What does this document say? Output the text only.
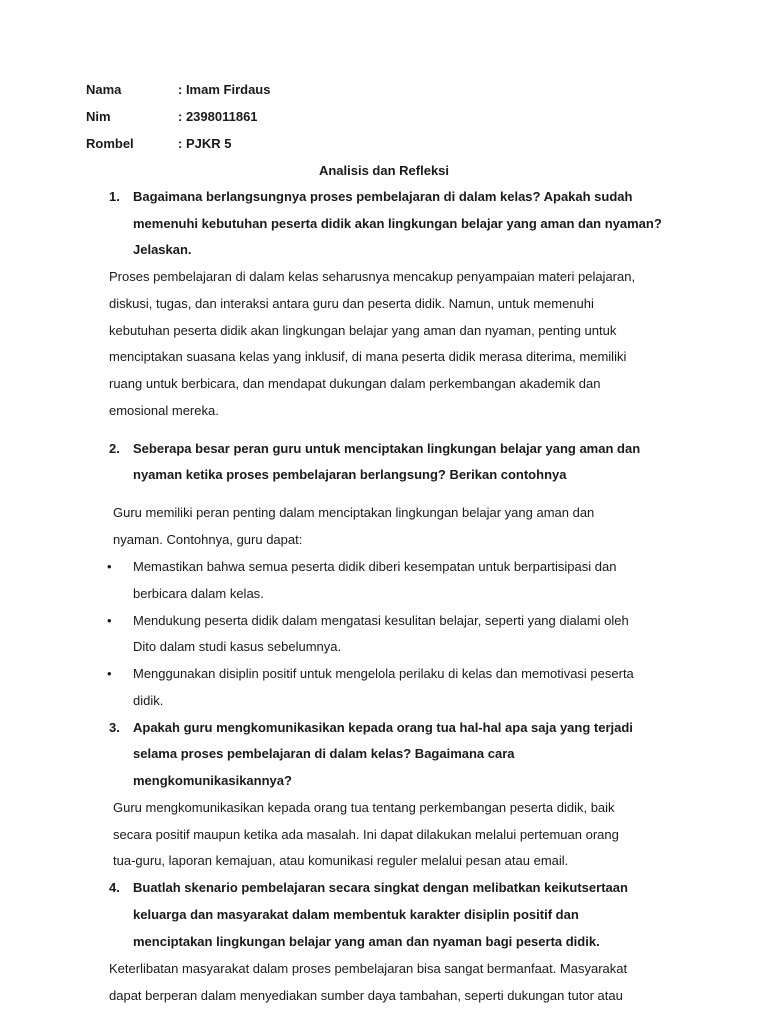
Nama	: Imam Firdaus
Nim	: 2398011861
Rombel	: PJKR 5
Analisis dan Refleksi
1. Bagaimana berlangsungnya proses pembelajaran di dalam kelas? Apakah sudah
memenuhi kebutuhan peserta didik akan lingkungan belajar yang aman dan nyaman?
Jelaskan.
Proses pembelajaran di dalam kelas seharusnya mencakup penyampaian materi pelajaran,
diskusi, tugas, dan interaksi antara guru dan peserta didik. Namun, untuk memenuhi
kebutuhan peserta didik akan lingkungan belajar yang aman dan nyaman, penting untuk
menciptakan suasana kelas yang inklusif, di mana peserta didik merasa diterima, memiliki
ruang untuk berbicara, dan mendapat dukungan dalam perkembangan akademik dan
emosional mereka.
2. Seberapa besar peran guru untuk menciptakan lingkungan belajar yang aman dan
nyaman ketika proses pembelajaran berlangsung? Berikan contohnya
Guru memiliki peran penting dalam menciptakan lingkungan belajar yang aman dan
nyaman. Contohnya, guru dapat:
• Memastikan bahwa semua peserta didik diberi kesempatan untuk berpartisipasi dan
berbicara dalam kelas.
• Mendukung peserta didik dalam mengatasi kesulitan belajar, seperti yang dialami oleh
Dito dalam studi kasus sebelumnya.
• Menggunakan disiplin positif untuk mengelola perilaku di kelas dan memotivasi peserta
didik.
3. Apakah guru mengkomunikasikan kepada orang tua hal-hal apa saja yang terjadi
selama proses pembelajaran di dalam kelas? Bagaimana cara
mengkomunikasikannya?
Guru mengkomunikasikan kepada orang tua tentang perkembangan peserta didik, baik
secara positif maupun ketika ada masalah. Ini dapat dilakukan melalui pertemuan orang
tua-guru, laporan kemajuan, atau komunikasi reguler melalui pesan atau email.
4. Buatlah skenario pembelajaran secara singkat dengan melibatkan keikutsertaan
keluarga dan masyarakat dalam membentuk karakter disiplin positif dan
menciptakan lingkungan belajar yang aman dan nyaman bagi peserta didik.
Keterlibatan masyarakat dalam proses pembelajaran bisa sangat bermanfaat. Masyarakat
dapat berperan dalam menyediakan sumber daya tambahan, seperti dukungan tutor atau
